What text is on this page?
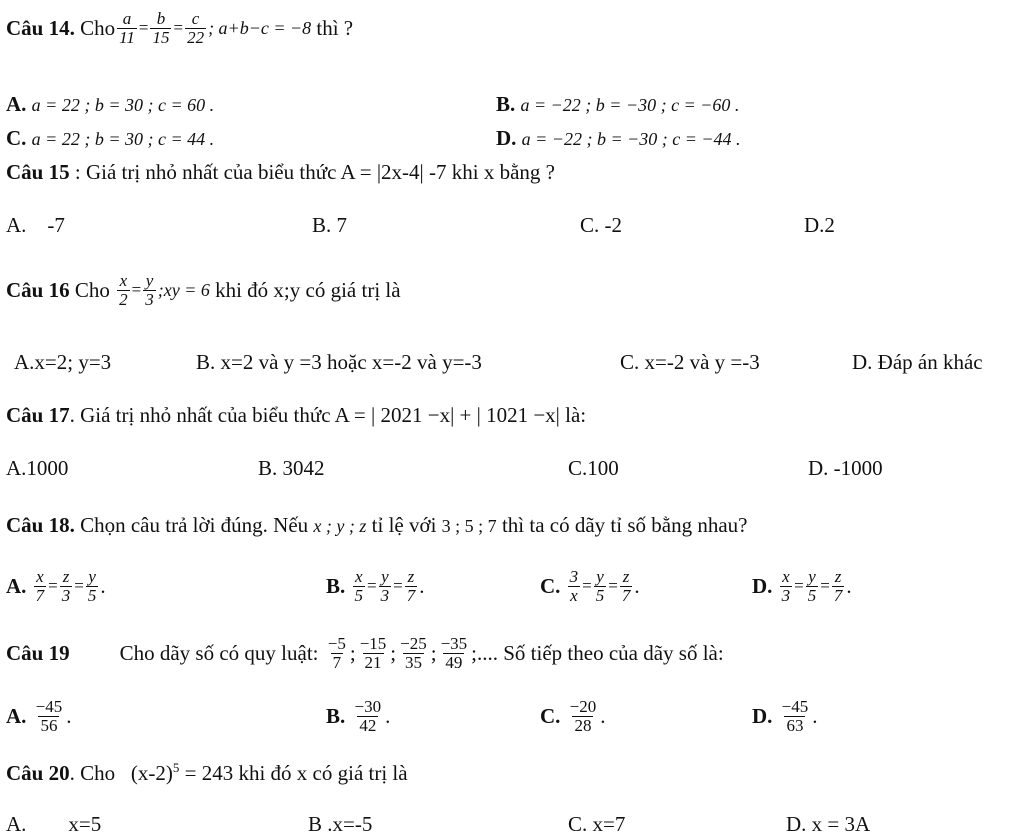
Câu 14.
Cho $\frac{a}{11} = \frac{b}{15} = \frac{c}{22}$ ; a+b−c = −8
thì ?
A. a = 22 ; b = 30 ; c = 60 .	B. a = −22 ; b = −30 ; c = −60 .
C. a = 22 ; b = 30 ; c = 44 .	D. a = −22 ; b = −30 ; c = −44 .
Câu 15 : Giá trị nhỏ nhất của biểu thức A = |2x-4| -7 khi x bằng ?
A. -7	B. 7	C. -2	D.2
Câu 16
Cho
$\frac{x}{2} = \frac{y}{3}$ ;xy = 6
khi đó x;y có giá trị là
A.x=2; y=3	B. x=2 và y =3 hoặc x=-2 và y=-3	C. x=-2 và y =-3	D. Đáp án khác
Câu 17. Giá trị nhỏ nhất của biểu thức A = | 2021 −x| + | 1021 −x| là:
A.1000	B. 3042	C.100	D. -1000
Câu 18. Chọn câu trả lời đúng. Nếu x ; y ; z tỉ lệ với 3 ; 5 ; 7 thì ta có dãy tỉ số bằng nhau?
A.
$\frac{x}{7} = \frac{z}{3} = \frac{y}{5}$ .	B.
$\frac{x}{5} = \frac{y}{3} = \frac{z}{7}$ .	C.
$\frac{3}{x} = \frac{y}{5} = \frac{z}{7}$ .	D.
$\frac{x}{3} = \frac{y}{5} = \frac{z}{7}$ .
Câu 19 Cho dãy số có quy luật:
$\frac{-5}{7}$ ; $\frac{-15}{21}$ ; $\frac{-25}{35}$ ; $\frac{-35}{49}$ ;.... Số tiếp theo của dãy số là:
A.
$\frac{-45}{56}$ .	B.
$\frac{-30}{42}$ .	C.
$\frac{-20}{28}$ .	D.
$\frac{-45}{63}$ .
Câu 20. Cho $(x-2)^5 = 243$ khi đó x có giá trị là
A. x=5	B .x=-5	C. x=7	D. x = 3A
